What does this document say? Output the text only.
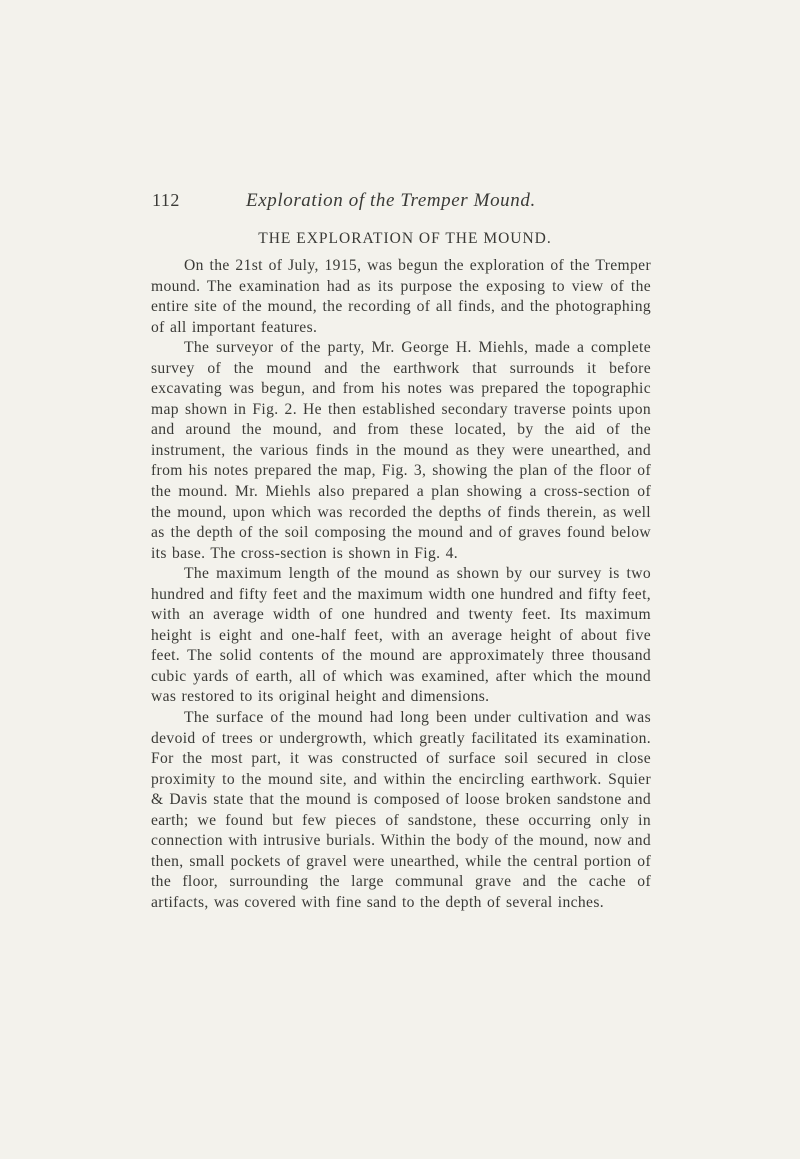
112	Exploration of the Tremper Mound.
THE EXPLORATION OF THE MOUND.

On the 21st of July, 1915, was begun the exploration of the Tremper mound. The examination had as its purpose the exposing to view of the entire site of the mound, the recording of all finds, and the photographing of all important features.

The surveyor of the party, Mr. George H. Miehls, made a complete survey of the mound and the earthwork that surrounds it before excavating was begun, and from his notes was prepared the topographic map shown in Fig. 2. He then established secondary traverse points upon and around the mound, and from these located, by the aid of the instrument, the various finds in the mound as they were unearthed, and from his notes prepared the map, Fig. 3, showing the plan of the floor of the mound. Mr. Miehls also prepared a plan showing a cross-section of the mound, upon which was recorded the depths of finds therein, as well as the depth of the soil composing the mound and of graves found below its base. The cross-section is shown in Fig. 4.

The maximum length of the mound as shown by our survey is two hundred and fifty feet and the maximum width one hundred and fifty feet, with an average width of one hundred and twenty feet. Its maximum height is eight and one-half feet, with an average height of about five feet. The solid contents of the mound are approximately three thousand cubic yards of earth, all of which was examined, after which the mound was restored to its original height and dimensions.

The surface of the mound had long been under cultivation and was devoid of trees or undergrowth, which greatly facilitated its examination. For the most part, it was constructed of surface soil secured in close proximity to the mound site, and within the encircling earthwork. Squier & Davis state that the mound is composed of loose broken sandstone and earth; we found but few pieces of sandstone, these occurring only in connection with intrusive burials. Within the body of the mound, now and then, small pockets of gravel were unearthed, while the central portion of the floor, surrounding the large communal grave and the cache of artifacts, was covered with fine sand to the depth of several inches.
